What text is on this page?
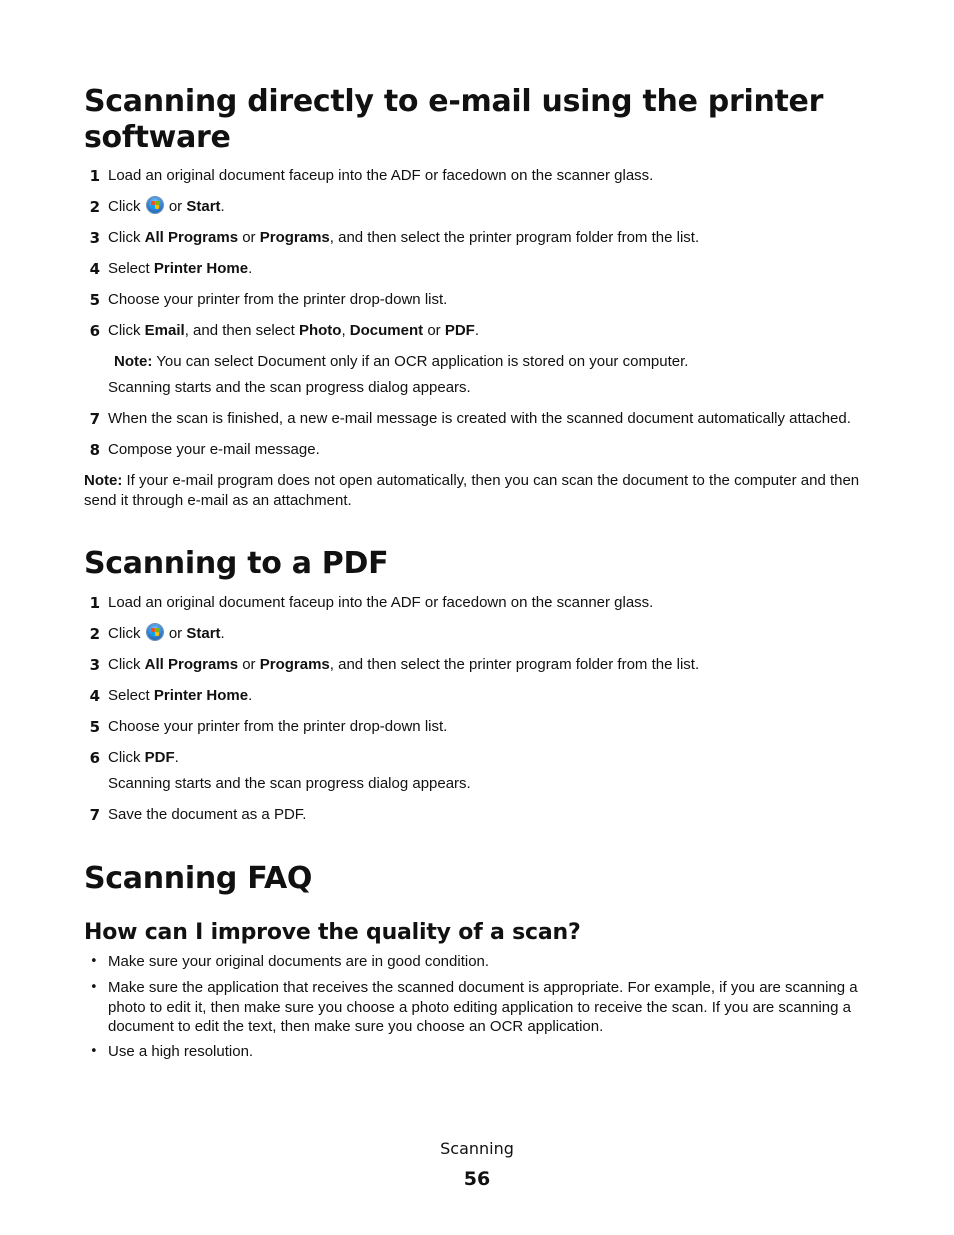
Scanning directly to e-mail using the printer software
1 Load an original document faceup into the ADF or facedown on the scanner glass.
2 Click or Start.
3 Click All Programs or Programs, and then select the printer program folder from the list.
4 Select Printer Home.
5 Choose your printer from the printer drop-down list.
6 Click Email, and then select Photo, Document or PDF.
Note: You can select Document only if an OCR application is stored on your computer.
Scanning starts and the scan progress dialog appears.
7 When the scan is finished, a new e-mail message is created with the scanned document automatically attached.
8 Compose your e-mail message.
Note: If your e-mail program does not open automatically, then you can scan the document to the computer and then send it through e-mail as an attachment.
Scanning to a PDF
1 Load an original document faceup into the ADF or facedown on the scanner glass.
2 Click or Start.
3 Click All Programs or Programs, and then select the printer program folder from the list.
4 Select Printer Home.
5 Choose your printer from the printer drop-down list.
6 Click PDF.
Scanning starts and the scan progress dialog appears.
7 Save the document as a PDF.
Scanning FAQ
How can I improve the quality of a scan?
• Make sure your original documents are in good condition.
• Make sure the application that receives the scanned document is appropriate. For example, if you are scanning a photo to edit it, then make sure you choose a photo editing application to receive the scan. If you are scanning a document to edit the text, then make sure you choose an OCR application.
• Use a high resolution.
Scanning
56
